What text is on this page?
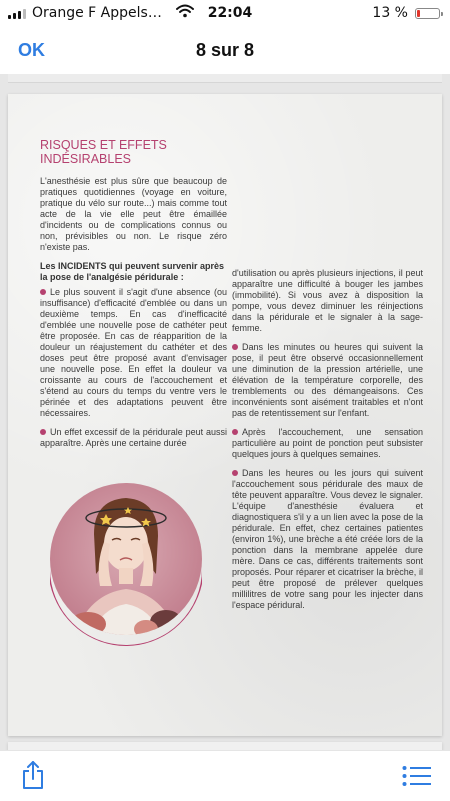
Orange F Appels…	22:04	13 %
OK	8 sur 8
RISQUES ET EFFETS
INDÉSIRABLES

L'anesthésie est plus sûre que beaucoup de pratiques quotidiennes (voyage en voiture, pratique du vélo sur route...) mais comme tout acte de la vie elle peut être émaillée d'incidents ou de complications connus ou non, prévisibles ou non. Le risque zéro n'existe pas.

Les INCIDENTS qui peuvent survenir après la pose de l'analgésie péridurale :

Le plus souvent il s'agit d'une absence (ou insuffisance) d'efficacité d'emblée ou dans un deuxième temps. En cas d'inefficacité d'emblée une nouvelle pose de cathéter peut être proposée. En cas de réapparition de la douleur un réajustement du cathéter et des doses peut être proposé avant d'envisager une nouvelle pose. En effet la douleur va croissante au cours de l'accouchement et s'étend au cours du temps du ventre vers le périnée et des adaptations peuvent être nécessaires.

Un effet excessif de la péridurale peut aussi apparaître. Après une certaine durée

d'utilisation ou après plusieurs injections, il peut apparaître une difficulté à bouger les jambes (immobilité). Si vous avez à disposition la pompe, vous devez diminuer les réinjections dans la péridurale et le signaler à la sage-femme.

Dans les minutes ou heures qui suivent la pose, il peut être observé occasionnellement une diminution de la pression artérielle, une élévation de la température corporelle, des tremblements ou des démangeaisons. Ces inconvénients sont aisément traitables et n'ont pas de retentissement sur l'enfant.

Après l'accouchement, une sensation particulière au point de ponction peut subsister quelques jours à quelques semaines.

Dans les heures ou les jours qui suivent l'accouchement sous péridurale des maux de tête peuvent apparaître. Vous devez le signaler. L'équipe d'anesthésie évaluera et diagnostiquera s'il y a un lien avec la pose de la péridurale. En effet, chez certaines patientes (environ 1%), une brèche a été créée lors de la ponction dans la membrane appelée dure mère. Dans ce cas, différents traitements sont proposés. Pour réparer et cicatriser la brèche, il peut être proposé de prélever quelques millilitres de votre sang pour les injecter dans l'espace péridural.
